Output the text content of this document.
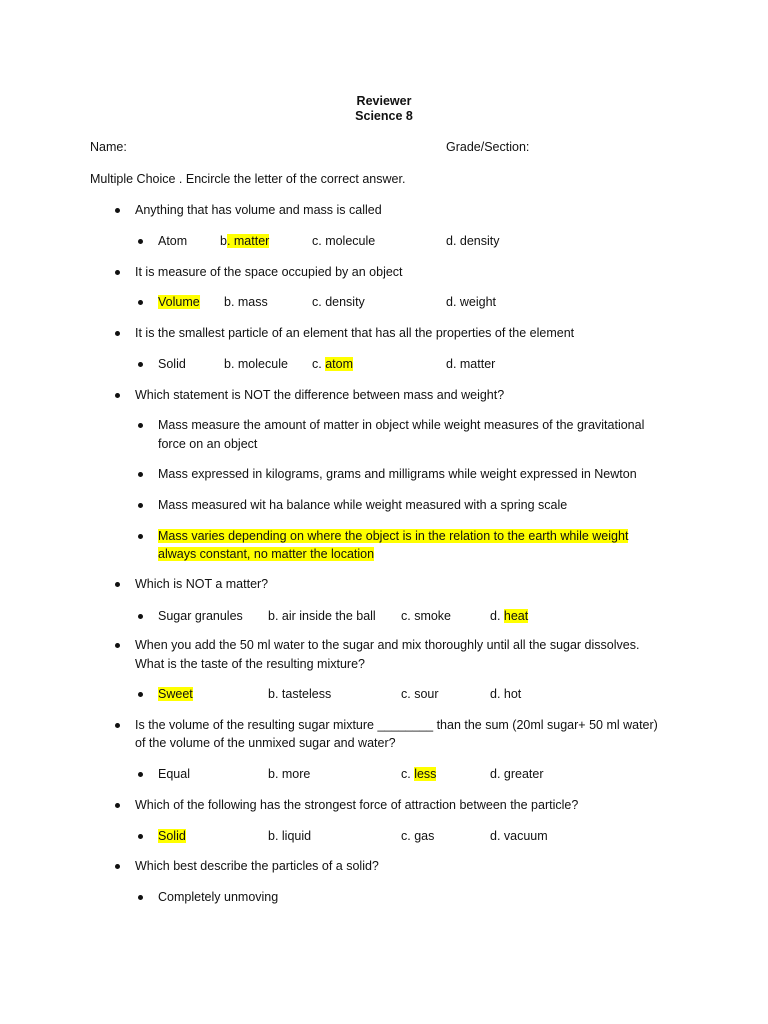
Reviewer
Science 8
Name:	Grade/Section:
Multiple Choice . Encircle the letter of the correct answer.
Anything that has volume and mass is called
Atom	b. matter	c. molecule	d. density
It is measure of the space occupied by an object
Volume b. mass	c. density	d. weight
It is the smallest particle of an element that has all the properties of the element
Solid	b. molecule c. atom	d. matter
Which statement is NOT the difference between mass and weight?
Mass measure the amount of matter in object while weight measures of the gravitational
force on an object
Mass expressed in kilograms, grams and milligrams while weight expressed in Newton
Mass measured wit ha balance while weight measured with a spring scale
Mass varies depending on where the object is in the relation to the earth while weight
always constant, no matter the location
Which is NOT a matter?
Sugar granules b. air inside the ball c. smoke	d. heat
When you add the 50 ml water to the sugar and mix thoroughly until all the sugar dissolves.
What is the taste of the resulting mixture?
Sweet	b. tasteless	c. sour	d. hot
Is the volume of the resulting sugar mixture ________ than the sum (20ml sugar+ 50 ml water)
of the volume of the unmixed sugar and water?
Equal	b. more	c. less	d. greater
Which of the following has the strongest force of attraction between the particle?
Solid	b. liquid	c. gas	d. vacuum
Which best describe the particles of a solid?
Completely unmoving
